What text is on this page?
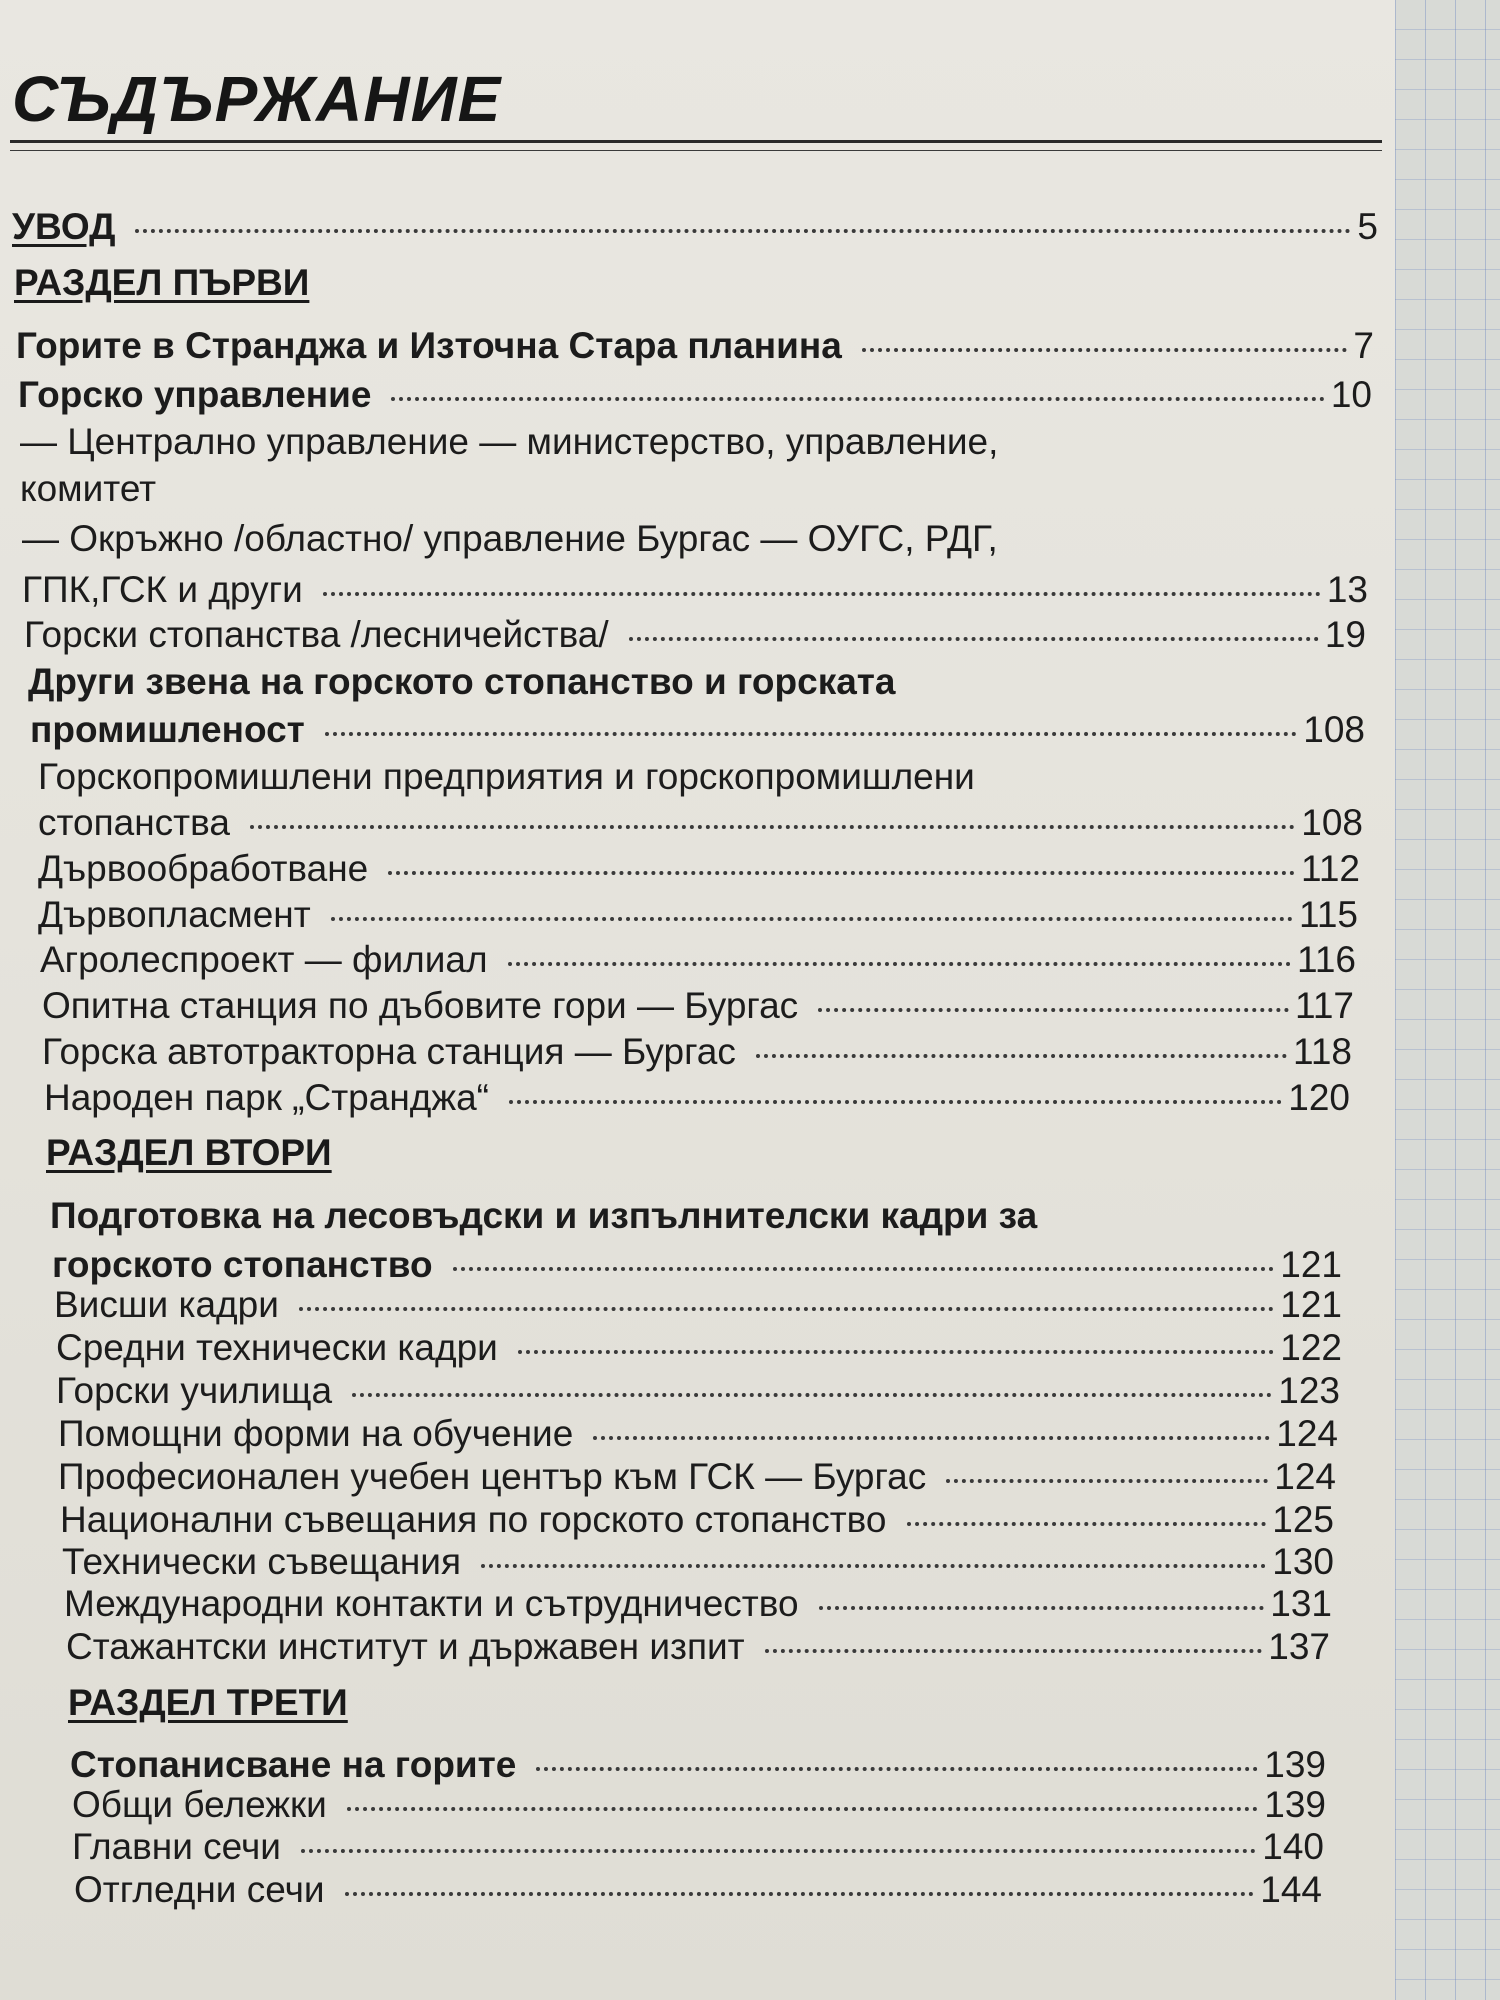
СЪДЪРЖАНИЕ
УВОД	5
РАЗДЕЛ ПЪРВИ
Горите в Странджа и Източна Стара планина	7
Горско управление	10
— Централно управление — министерство, управление,
комитет
— Окръжно /областно/ управление Бургас — ОУГС, РДГ,
ГПК,ГСК и други	13
Горски стопанства /лесничейства/	19
Други звена на горското стопанство и горската
промишленост	108
Горскопромишлени предприятия и горскопромишлени
стопанства	108
Дървообработване	112
Дървопласмент	115
Агролеспроект — филиал	116
Опитна станция по дъбовите гори — Бургас	117
Горска автотракторна станция — Бургас	118
Народен парк „Странджа“	120
РАЗДЕЛ ВТОРИ
Подготовка на лесовъдски и изпълнителски кадри за
горското стопанство	121
Висши кадри	121
Средни технически кадри	122
Горски училища	123
Помощни форми на обучение	124
Професионален учебен център към ГСК — Бургас	124
Национални съвещания по горското стопанство	125
Технически съвещания	130
Международни контакти и сътрудничество	131
Стажантски институт и държавен изпит	137
РАЗДЕЛ ТРЕТИ
Стопанисване на горите	139
Общи бележки	139
Главни сечи	140
Отгледни сечи	144
